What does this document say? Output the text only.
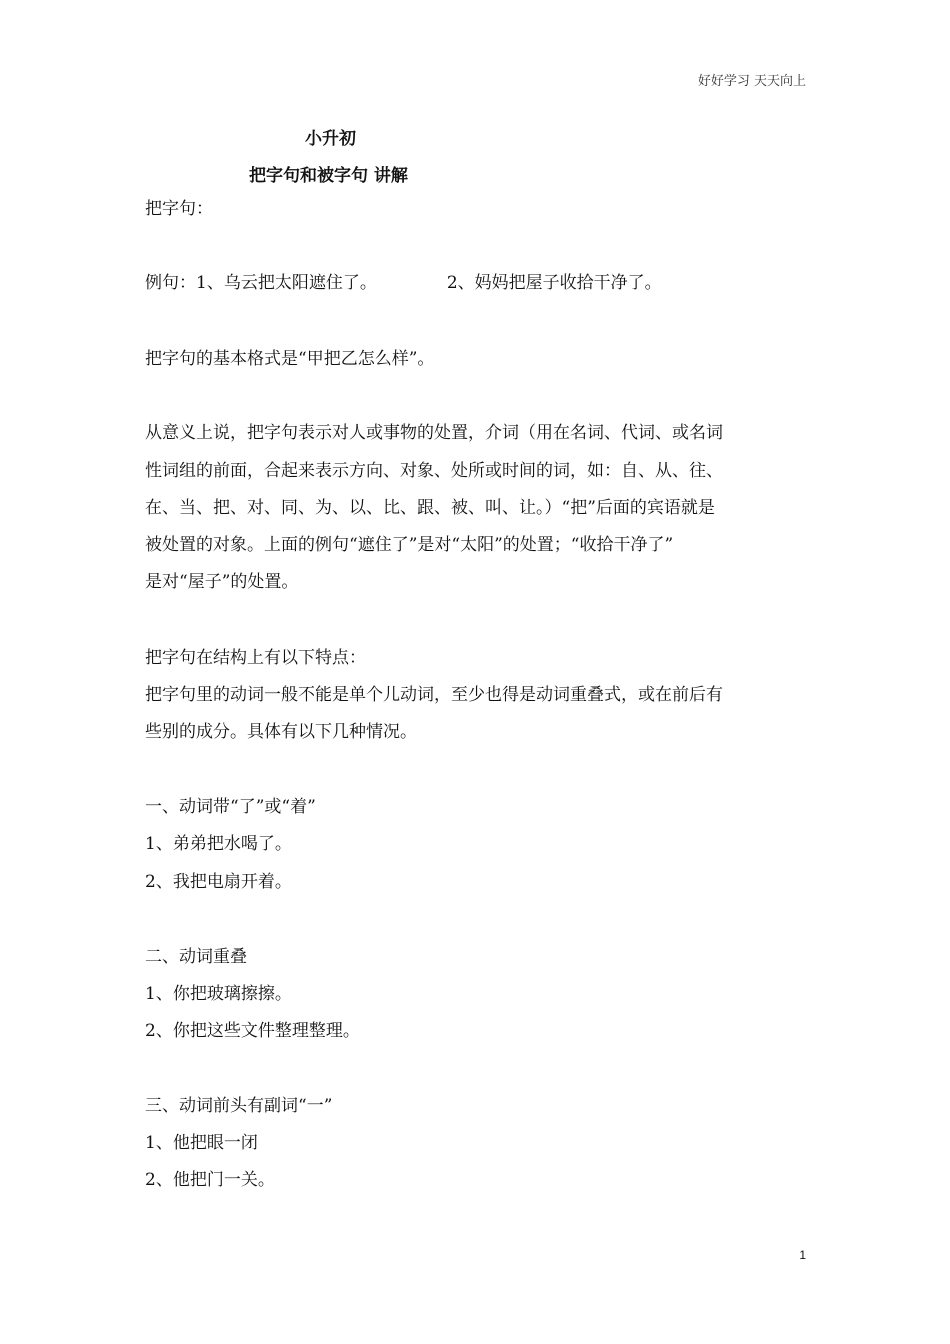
好好学习 天天向上
小升初
把字句和被字句 讲解
把字句：
例句：1、乌云把太阳遮住了。	2、妈妈把屋子收拾干净了。
把字句的基本格式是“甲把乙怎么样”。
从意义上说，把字句表示对人或事物的处置，介词（用在名词、代词、或名词
性词组的前面，合起来表示方向、对象、处所或时间的词，如：自、从、往、
在、当、把、对、同、为、以、比、跟、被、叫、让。）“把”后面的宾语就是
被处置的对象。上面的例句“遮住了”是对“太阳”的处置；“收拾干净了”
是对“屋子”的处置。
把字句在结构上有以下特点：
把字句里的动词一般不能是单个儿动词，至少也得是动词重叠式，或在前后有
些别的成分。具体有以下几种情况。
一、动词带“了”或“着”
1、弟弟把水喝了。
2、我把电扇开着。
二、动词重叠
1、你把玻璃擦擦。
2、你把这些文件整理整理。
三、动词前头有副词“一”
1、他把眼一闭
2、他把门一关。
1
